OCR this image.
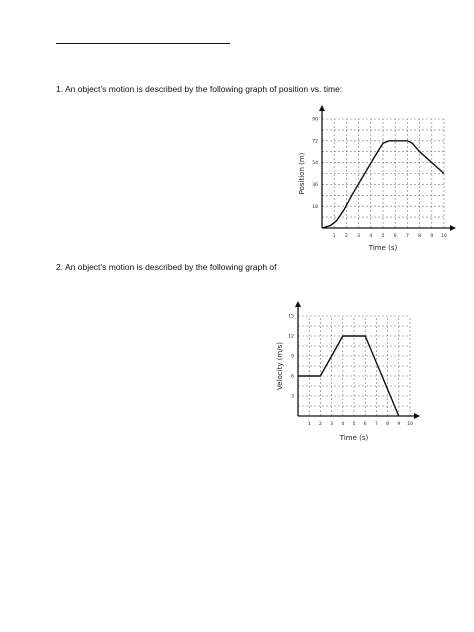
1. An object’s motion is described by the following graph of position vs. time:
1 2 3 4 5 6 7 8 9 10
18
36
54
72
90
Time (s)
Position (m)
2. An object’s motion is described by the following graph of
1 2 3 4 5 6 7 8 9 10
3
6
9
12
15
Time (s)
Velocity (m/s)
